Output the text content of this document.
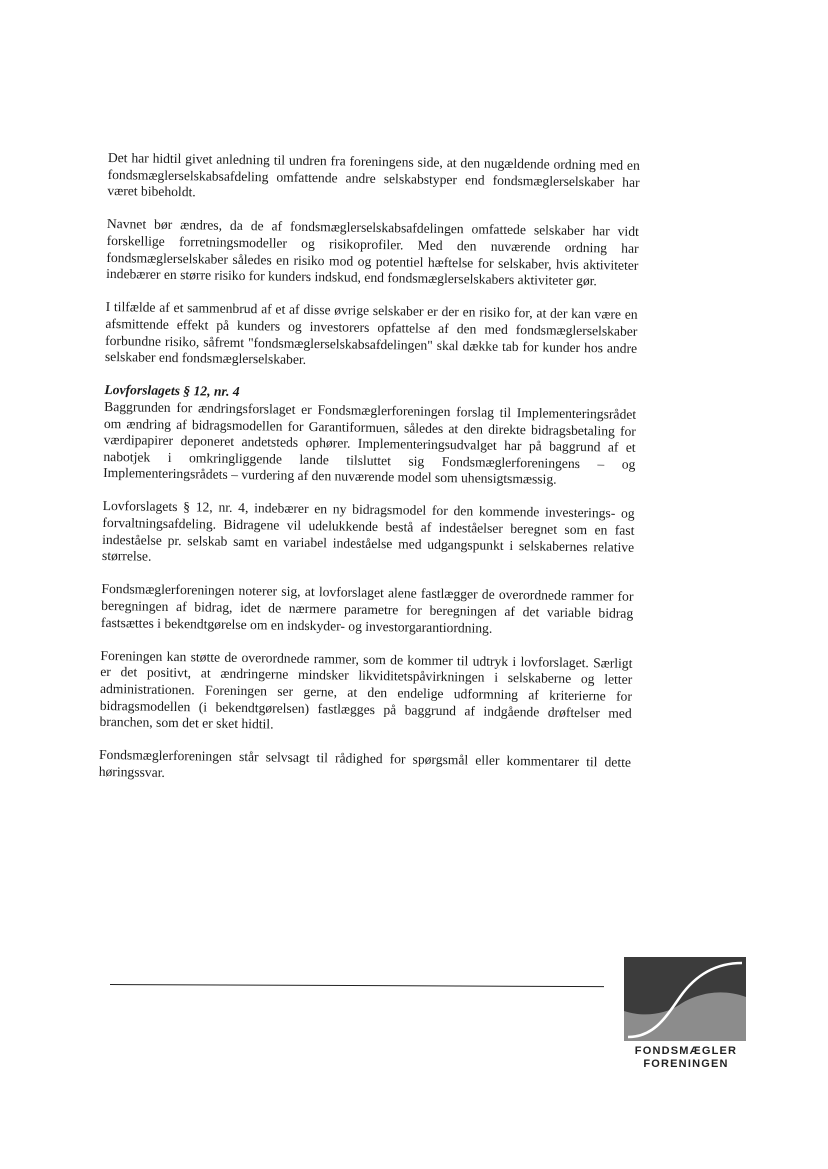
Det har hidtil givet anledning til undren fra foreningens side, at den nugældende ordning med en fondsmæglerselskabsafdeling omfattende andre selskabstyper end fondsmæglerselskaber har været bibeholdt.

Navnet bør ændres, da de af fondsmæglerselskabsafdelingen omfattede selskaber har vidt forskellige forretningsmodeller og risikoprofiler. Med den nuværende ordning har fondsmæglerselskaber således en risiko mod og potentiel hæftelse for selskaber, hvis aktiviteter indebærer en større risiko for kunders indskud, end fondsmæglerselskabers aktiviteter gør.

I tilfælde af et sammenbrud af et af disse øvrige selskaber er der en risiko for, at der kan være en afsmittende effekt på kunders og investorers opfattelse af den med fondsmæglerselskaber forbundne risiko, såfremt "fondsmæglerselskabsafdelingen" skal dække tab for kunder hos andre selskaber end fondsmæglerselskaber.

Lovforslagets § 12, nr. 4
Baggrunden for ændringsforslaget er Fondsmæglerforeningen forslag til Implementeringsrådet om ændring af bidragsmodellen for Garantiformuen, således at den direkte bidragsbetaling for værdipapirer deponeret andetsteds ophører. Implementeringsudvalget har på baggrund af et nabotjek i omkringliggende lande tilsluttet sig Fondsmæglerforeningens – og Implementeringsrådets – vurdering af den nuværende model som uhensigtsmæssig.

Lovforslagets § 12, nr. 4, indebærer en ny bidragsmodel for den kommende investerings- og forvaltningsafdeling. Bidragene vil udelukkende bestå af indeståelser beregnet som en fast indeståelse pr. selskab samt en variabel indeståelse med udgangspunkt i selskabernes relative størrelse.

Fondsmæglerforeningen noterer sig, at lovforslaget alene fastlægger de overordnede rammer for beregningen af bidrag, idet de nærmere parametre for beregningen af det variable bidrag fastsættes i bekendtgørelse om en indskyder- og investorgarantiordning.

Foreningen kan støtte de overordnede rammer, som de kommer til udtryk i lovforslaget. Særligt er det positivt, at ændringerne mindsker likviditetspåvirkningen i selskaberne og letter administrationen. Foreningen ser gerne, at den endelige udformning af kriterierne for bidragsmodellen (i bekendtgørelsen) fastlægges på baggrund af indgående drøftelser med branchen, som det er sket hidtil.

Fondsmæglerforeningen står selvsagt til rådighed for spørgsmål eller kommentarer til dette høringssvar.

FONDSMÆGLER
FORENINGEN
